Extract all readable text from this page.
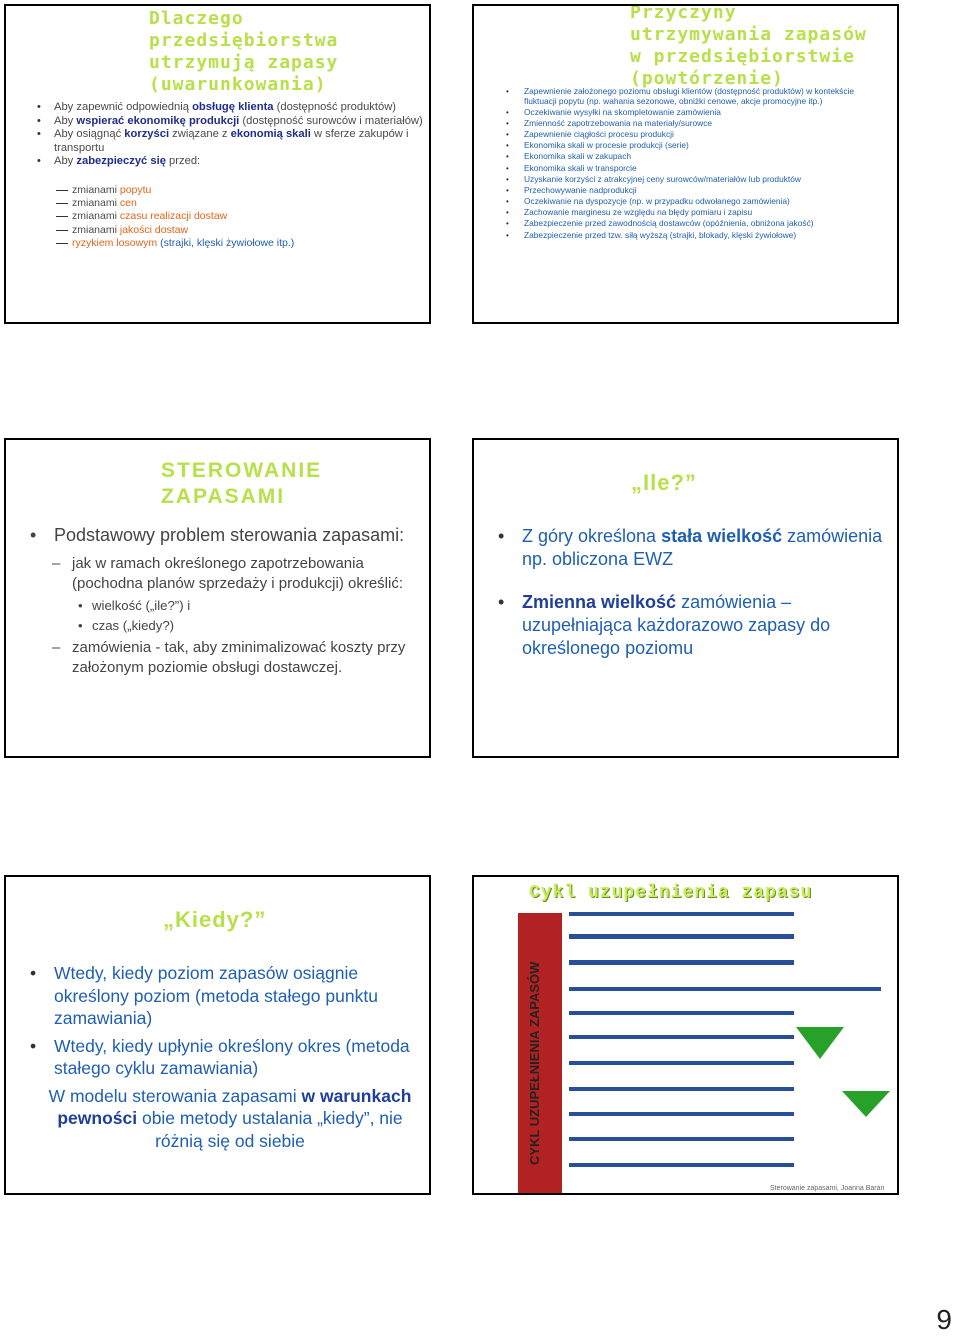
Dlaczego
przedsiębiorstwa
utrzymują zapasy
(uwarunkowania)
• Aby zapewnić odpowiednią obsługę klienta (dostępność produktów)
• Aby wspierać ekonomikę produkcji (dostępność surowców i materiałów)
• Aby osiągnąć korzyści związane z ekonomią skali w sferze zakupów i transportu
• Aby zabezpieczyć się przed:
zmianami popytu
zmianami cen
zmianami czasu realizacji dostaw
zmianami jakości dostaw
ryzykiem losowym (strajki, klęski żywiołowe itp.)
Przyczyny
utrzymywania zapasów
w przedsiębiorstwie
(powtórzenie)
• Zapewnienie założonego poziomu obsługi klientów (dostępność produktów) w kontekście fluktuacji popytu (np. wahania sezonowe, obniżki cenowe, akcje promocyjne itp.)
• Oczekiwanie wysyłki na skompletowanie zamówienia
• Zmienność zapotrzebowania na materiały/surowce
• Zapewnienie ciągłości procesu produkcji
• Ekonomika skali w procesie produkcji (serie)
• Ekonomika skali w zakupach
• Ekonomika skali w transporcie
• Uzyskanie korzyści z atrakcyjnej ceny surowców/materiałów lub produktów
• Przechowywanie nadprodukcji
• Oczekiwanie na dyspozycje (np. w przypadku odwołanego zamówienia)
• Zachowanie marginesu ze względu na błędy pomiaru i zapisu
• Zabezpieczenie przed zawodnością dostawców (opóźnienia, obniżona jakość)
• Zabezpieczenie przed tzw. siłą wyższą (strajki, blokady, klęski żywiołowe)
STEROWANIE
ZAPASAMI
• Podstawowy problem sterowania zapasami:
– jak w ramach określonego zapotrzebowania (pochodna planów sprzedaży i produkcji) określić:
• wielkość („ile?”) i
• czas („kiedy?)
– zamówienia - tak, aby zminimalizować koszty przy założonym poziomie obsługi dostawczej.
„Ile?”
• Z góry określona stała wielkość zamówienia np. obliczona EWZ
• Zmienna wielkość zamówienia – uzupełniająca każdorazowo zapasy do określonego poziomu
„Kiedy?”
• Wtedy, kiedy poziom zapasów osiągnie określony poziom (metoda stałego punktu zamawiania)
• Wtedy, kiedy upłynie określony okres (metoda stałego cyklu zamawiania)
W modelu sterowania zapasami w warunkach pewności obie metody ustalania „kiedy”, nie różnią się od siebie
Cykl uzupełnienia zapasu
CYKL UZUPEŁNIENIA ZAPASÓW
Sterowanie zapasami, Joanna Baran
9
